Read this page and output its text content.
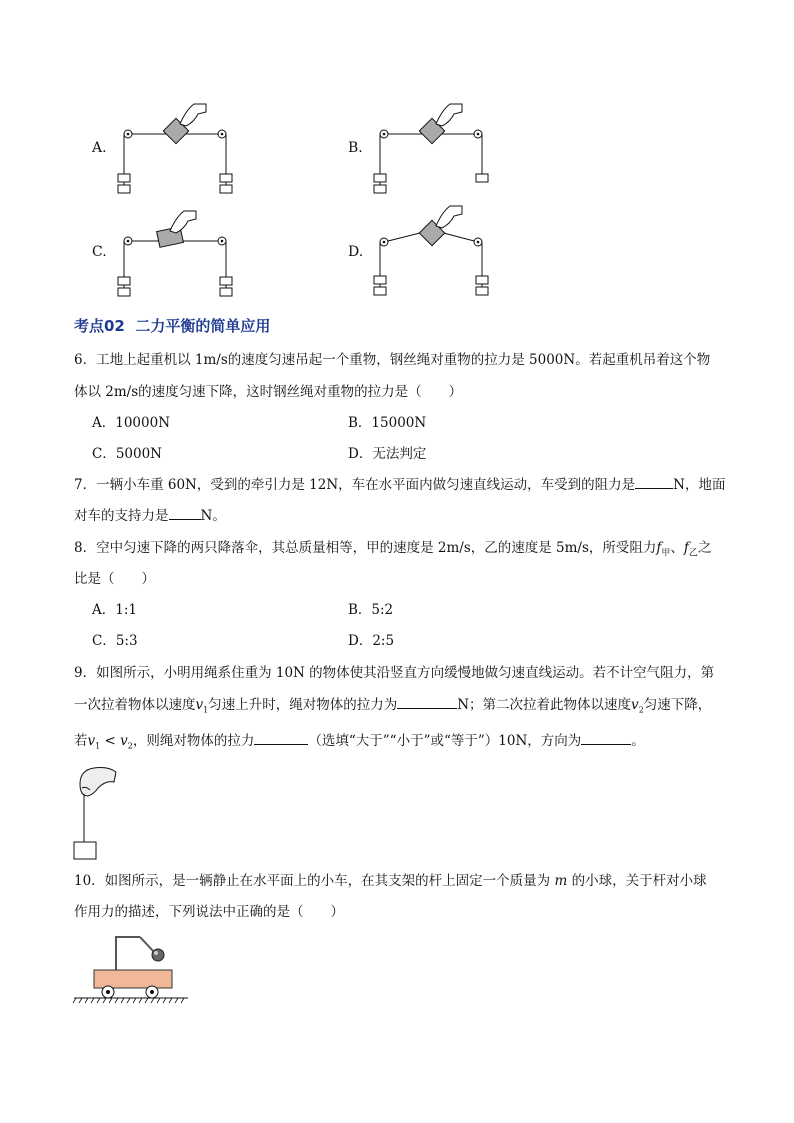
A.	B.
C.	D.
考点02  二力平衡的简单应用
6．工地上起重机以 1m/s的速度匀速吊起一个重物，钢丝绳对重物的拉力是 5000N。若起重机吊着这个物
体以 2m/s的速度匀速下降，这时钢丝绳对重物的拉力是（　　）
A．10000N	B．15000N
C．5000N	D．无法判定
7．一辆小车重 60N，受到的牵引力是 12N，车在水平面内做匀速直线运动，车受到的阻力是	N，地面
对车的支持力是 N。
8．空中匀速下降的两只降落伞，其总质量相等，甲的速度是 2m/s，乙的速度是 5m/s，所受阻力$f_甲$、$f_乙$之
比是（　　）
A．1:1	B．5:2
C．5:3	D．2:5
9．如图所示，小明用绳系住重为 10N 的物体使其沿竖直方向缓慢地做匀速直线运动。若不计空气阻力，第
一次拉着物体以速度$v_1$匀速上升时，绳对物体的拉力为	N；第二次拉着此物体以速度$v_2$匀速下降，
若$v_1 < v_2$，则绳对物体的拉力	（选填“大于”“小于”或“等于”）10N，方向为	。
10．如图所示，是一辆静止在水平面上的小车，在其支架的杆上固定一个质量为 m 的小球，关于杆对小球
作用力的描述，下列说法中正确的是（　　）
